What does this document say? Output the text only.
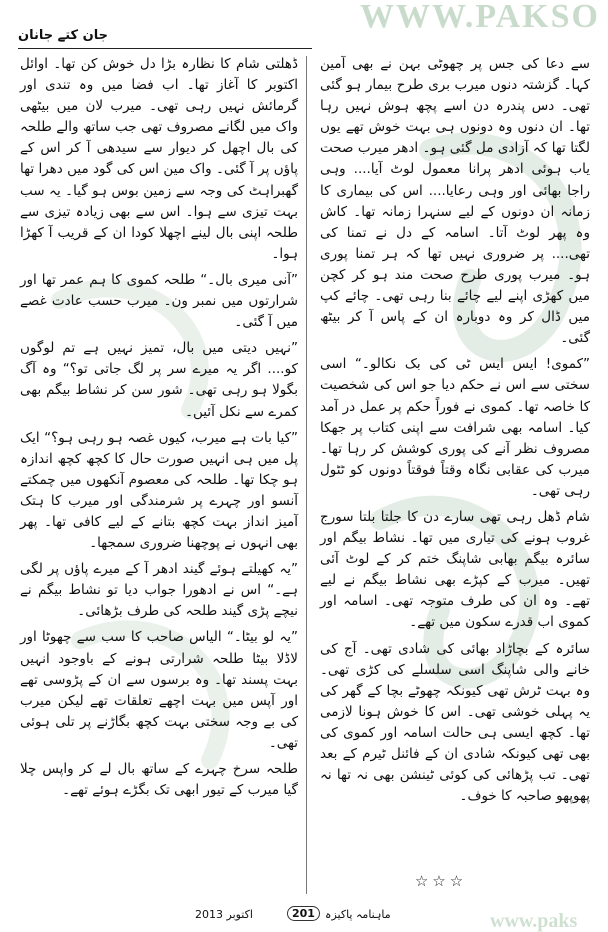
WWW.PAKSO
جان کتے جانان

سے دعا کی جس پر چھوٹی بہن نے بھی آمین کہا۔ گزشتہ دنوں میرب بری طرح بیمار ہو گئی تھی۔ دس پندرہ دن اسے پچھ ہوش نہیں رہا تھا۔ ان دنوں وہ دونوں ہی بہت خوش تھے یوں لگتا تھا کہ آزادی مل گئی ہو۔ ادھر میرب صحت یاب ہوئی ادھر پرانا معمول لوٹ آیا.... وہی راجا بھائی اور وہی رعایا.... اس کی بیماری کا زمانہ ان دونوں کے لیے سنہرا زمانہ تھا۔ کاش وہ پھر لوٹ آتا۔ اسامہ کے دل نے تمنا کی تھی.... پر ضروری نہیں تھا کہ ہر تمنا پوری ہو۔ میرب پوری طرح صحت مند ہو کر کچن میں کھڑی اپنے لیے چائے بنا رہی تھی۔ چائے کپ میں ڈال کر وہ دوبارہ ان کے پاس آ کر بیٹھ گئی۔

”کموی! ایس ایس ٹی کی بک نکالو۔“ اسی سختی سے اس نے حکم دیا جو اس کی شخصیت کا خاصہ تھا۔ کموی نے فوراً حکم پر عمل در آمد کیا۔ اسامہ بھی شرافت سے اپنی کتاب پر جھکا مصروف نظر آنے کی پوری کوشش کر رہا تھا۔ میرب کی عقابی نگاہ وقتاً فوقتاً دونوں کو ٹٹول رہی تھی۔

شام ڈھل رہی تھی سارے دن کا جلتا بلتا سورج غروب ہونے کی تیاری میں تھا۔ نشاط بیگم اور سائرہ بیگم بھابی شاپنگ ختم کر کے لوٹ آئی تھیں۔ میرب کے کپڑے بھی نشاط بیگم نے لیے تھے۔ وہ ان کی طرف متوجہ تھی۔ اسامہ اور کموی اب قدرے سکون میں تھے۔

سائرہ کے بچاڑاد بھائی کی شادی تھی۔ آج کی خانے والی شاپنگ اسی سلسلے کی کڑی تھی۔ وہ بہت ٹرش تھی کیونکہ چھوٹے بچا کے گھر کی یہ پہلی خوشی تھی۔ اس کا خوش ہونا لازمی تھا۔ کچھ ایسی ہی حالت اسامہ اور کموی کی بھی تھی کیونکہ شادی ان کے فائنل ٹیرم کے بعد تھی۔ تب پڑھائی کی کوئی ٹینشن بھی نہ تھا نہ پھوپھو صاحبہ کا خوف۔

ڈھلتی شام کا نظارہ بڑا دل خوش کن تھا۔ اوائل اکتوبر کا آغاز تھا۔ اب فضا میں وہ تندی اور گرمائش نہیں رہی تھی۔ میرب لان میں بیٹھی واک میں لگانے مصروف تھی جب ساتھ والے طلحہ کی بال اچھل کر دیوار سے سیدھی آ کر اس کے پاؤں پر آ گئی۔ واک مین اس کی گود میں دھرا تھا گھبراہٹ کی وجہ سے زمین بوس ہو گیا۔ یہ سب بہت تیزی سے ہوا۔ اس سے بھی زیادہ تیزی سے طلحہ اپنی بال لینے اچھلا کودا ان کے قریب آ کھڑا ہوا۔

”آنی میری بال۔“ طلحہ کموی کا ہم عمر تھا اور شرارتوں میں نمبر ون۔ میرب حسب عادت غصے میں آ گئی۔

”نہیں دیتی میں بال، تمیز نہیں ہے تم لوگوں کو.... اگر یہ میرے سر پر لگ جاتی تو؟“ وہ آگ بگولا ہو رہی تھی۔ شور سن کر نشاط بیگم بھی کمرے سے نکل آئیں۔

”کیا بات ہے میرب، کیوں غصہ ہو رہی ہو؟“ ایک پل میں ہی انہیں صورت حال کا کچھ کچھ اندازہ ہو چکا تھا۔ طلحہ کی معصوم آنکھوں میں چمکتے آنسو اور چہرے پر شرمندگی اور میرب کا ہتک آمیز انداز بہت کچھ بتانے کے لیے کافی تھا۔ پھر بھی انہوں نے پوچھنا ضروری سمجھا۔

”یہ کھیلتے ہوئے گیند ادھر آ کے میرے پاؤں پر لگی ہے۔“ اس نے ادھورا جواب دیا تو نشاط بیگم نے نیچے پڑی گیند طلحہ کی طرف بڑھائی۔

”یہ لو بیٹا۔“ الیاس صاحب کا سب سے چھوٹا اور لاڈلا بیٹا طلحہ شرارتی ہونے کے باوجود انہیں بہت پسند تھا۔ وہ برسوں سے ان کے پڑوسی تھے اور آپس میں بہت اچھے تعلقات تھے لیکن میرب کی بے وجہ سختی بہت کچھ بگاڑنے پر تلی ہوئی تھی۔

طلحہ سرخ چہرے کے ساتھ بال لے کر واپس چلا گیا میرب کے تیور ابھی تک بگڑے ہوئے تھے۔

☆☆☆
اکتوبر 2013	201 ماہنامہ پاکیزہ	www.paks
